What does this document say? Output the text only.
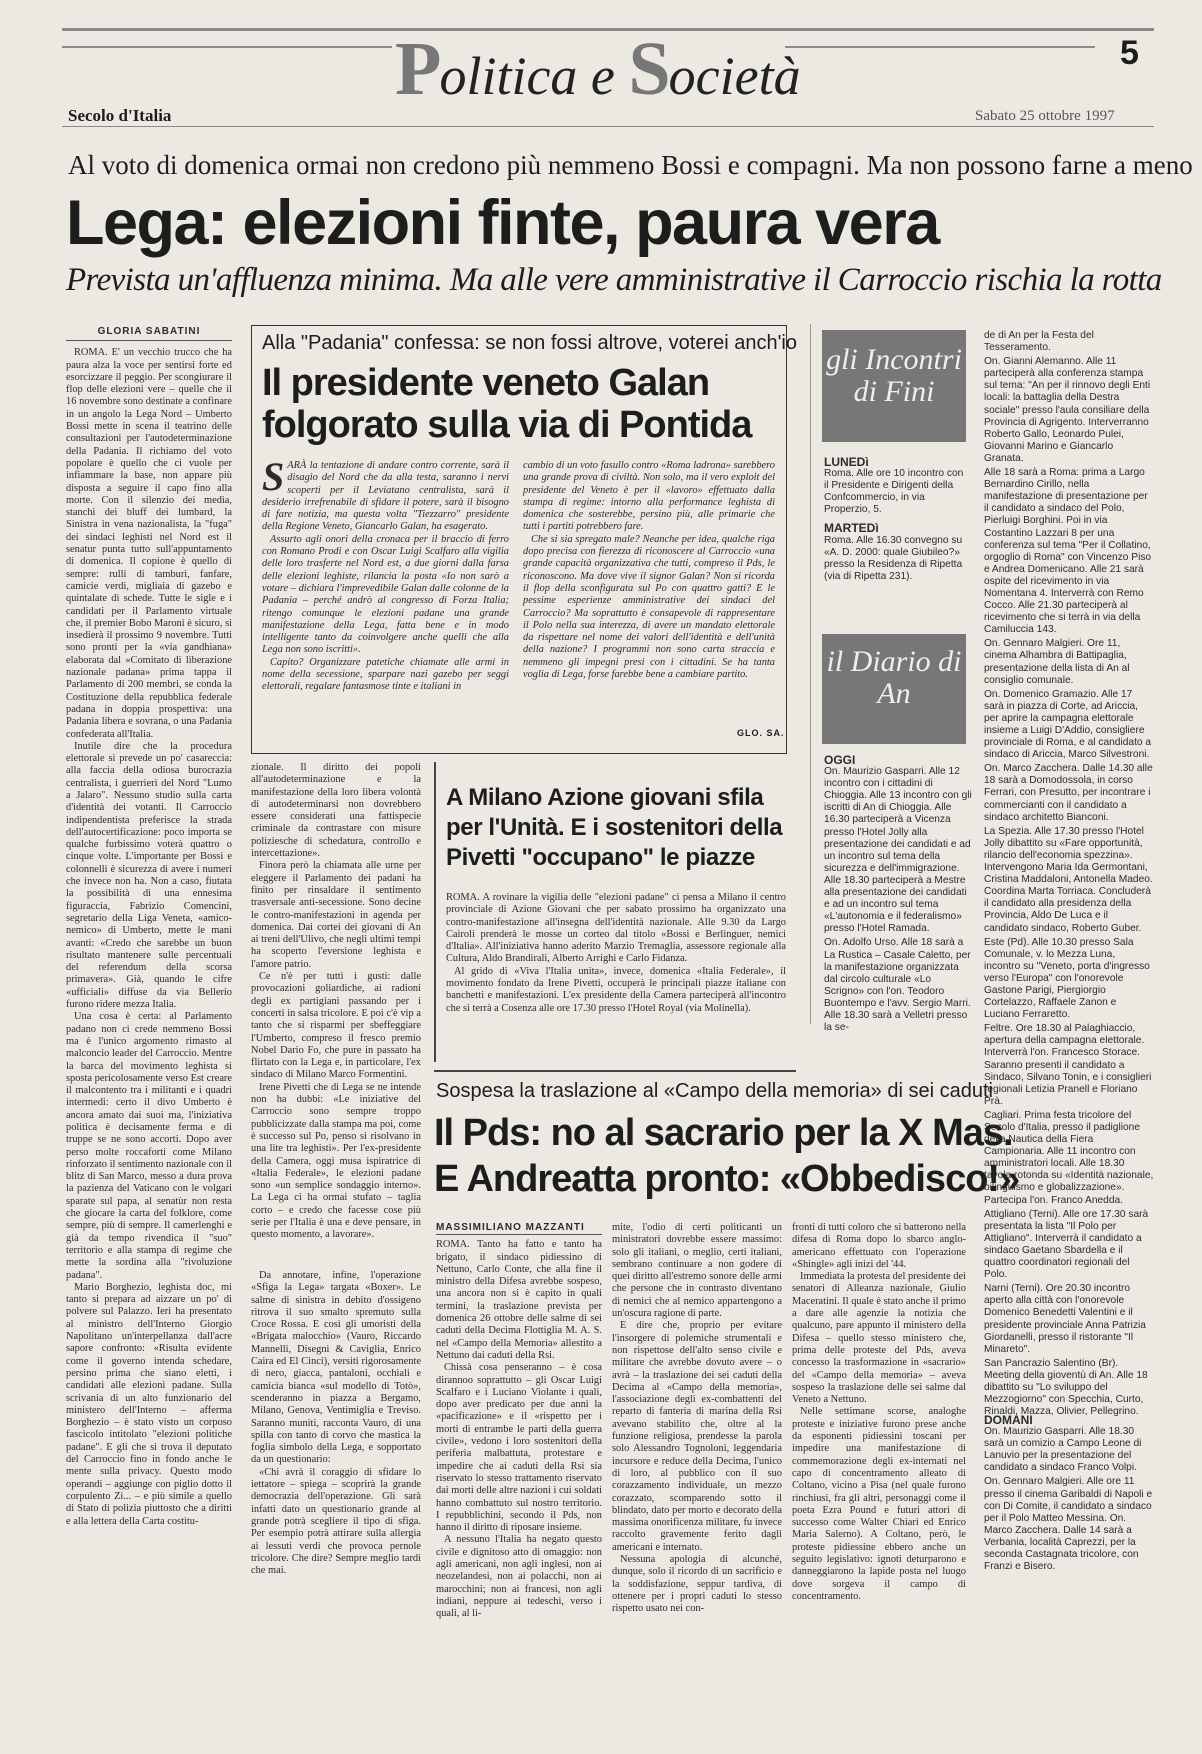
Politica e Società	5
Secolo d'Italia	Sabato 25 ottobre 1997
Al voto di domenica ormai non credono più nemmeno Bossi e compagni. Ma non possono farne a meno
Lega: elezioni finte, paura vera
Prevista un'affluenza minima. Ma alle vere amministrative il Carroccio rischia la rotta
GLORIA SABATINI

ROMA. E' un vecchio trucco che ha paura alza la voce per sentirsi forte ed esorcizzare il peggio. Per scongiurare il flop delle elezioni vere – quelle che il 16 novembre sono destinate a confinare in un angolo la Lega Nord – Umberto Bossi mette in scena il teatrino delle consultazioni per l'autodeterminazione della Padania. Il richiamo del voto popolare è quello che ci vuole per infiammare la base, non appare più disposta a seguire il capo fino alla morte. Con il silenzio dei media, stanchi dei bluff dei lumbard, la Sinistra in vena nazionalista, la "fuga" dei sindaci leghisti nel Nord est il senatur punta tutto sull'appuntamento di domenica. Il copione è quello di sempre: rulli di tamburi, fanfare, camicie verdi, migliaia di gazebo e quintalate di schede. Tutte le sigle e i candidati per il Parlamento virtuale che, il premier Bobo Maroni è sicuro, si insedierà il prossimo 9 novembre. Tutti sono pronti per la «via gandhiana» elaborata dal «Comitato di liberazione nazionale padana» prima tappa il Parlamento di 200 membri, se conda la Costituzione della repubblica federale padana in doppia prospettiva: una Padania libera e sovrana, o una Padania confederata all'Italia.

Inutile dire che la procedura elettorale si prevede un po' casareccia: alla faccia della odiosa burocrazia centralista, i guerrieri del Nord "Lumo a Jalaro". Nessuno studio sulla carta d'identità dei votanti. Il Carroccio indipendentista preferisce la strada dell'autocertificazione: poco importa se qualche furbissimo voterà quattro o cinque volte. L'importante per Bossi e colonnelli è sicurezza di avere i numeri che invece non ha. Non a caso, fiutata la possibilità di una ennesima figuraccia, Fabrizio Comencini, segretario della Liga Veneta, «amico-nemico» di Umberto, mette le mani avanti: «Credo che sarebbe un buon risultato mantenere sulle percentuali del referendum della scorsa primavera». Già, quando le cifre «ufficiali» diffuse da via Bellerio furono ridere mezza Italia.

Una cosa è certa: al Parlamento padano non ci crede nemmeno Bossi ma è l'unico argomento rimasto al malconcio leader del Carroccio. Mentre la barca del movimento leghista si sposta pericolosamente verso Est creare il malcontento tra i militanti e i quadri intermedi: certo il divo Umberto è ancora amato dai suoi ma, l'iniziativa politica è decisamente ferma e di truppe se ne sono accorti. Dopo aver perso molte roccaforti come Milano rinforzato il sentimento nazionale con il blitz di San Marco, messo a dura prova la pazienza del Vaticano con le volgari sparate sul papa, al senatùr non resta che giocare la carta del folklore, come sempre, più di sempre. Il camerlenghi e già da tempo rivendica il "suo" territorio e alla stampa di regime che mette la sordina alla "rivoluzione padana".

Mario Borghezio, leghista doc, mi tanto si prepara ad aizzare un po' di polvere sul Palazzo. Ieri ha presentato al ministro dell'Interno Giorgio Napolitano un'interpellanza dall'acre sapore confronto: «Risulta evidente come il governo intenda schedare, persino prima che siano eletti, i candidati alle elezioni padane. Sulla scrivania di un alto funzionario del ministero dell'Interno – afferma Borghezio – è stato visto un corposo fascicolo intitolato "elezioni politiche padane". E gli che si trova il deputato del Carroccio fino in fondo anche le mente sulla privacy. Questo modo operandi – aggiunge con piglio dotto il corpulento Zi... – e più simile a quello di Stato di polizia piuttosto che a diritti e alla lettera della Carta costitu-

Alla "Padania" confessa: se non fossi altrove, voterei anch'io
Il presidente veneto Galan
folgorato sulla via di Pontida
S ARÀ la tentazione di andare contro corrente, sarà il disagio del Nord che da alla testa, saranno i nervi scoperti per il Leviatano centralista, sarà il desiderio irrefrenabile di sfidare il potere, sarà il bisogno di fare notizia, ma questa volta "Tiezzarro" presidente della Regione Veneto, Giancarlo Galan, ha esagerato.

Assurto agli onori della cronaca per il braccio di ferro con Romano Prodi e con Oscar Luigi Scalfaro alla vigilia delle loro trasferte nel Nord est, a due giorni dalla farsa delle elezioni leghiste, rilancia la posta «Io non sarò a votare – dichiara l'imprevedibile Galan dalle colonne de la Padania – perché andrò al congresso di Forza Italia; ritengo comunque le elezioni padane una grande manifestazione della Lega, fatta bene e in modo intelligente tanto da coinvolgere anche quelli che alla Lega non sono iscritti».

Capito? Organizzare patetiche chiamate alle armi in nome della secessione, sparpare nazi gazebo per seggi elettorali, regalare fantasmose tinte e italiani in

cambio di un voto fasullo contro «Roma ladrona» sarebbero una grande prova di civiltà. Non solo, ma il vero exploit del presidente del Veneto è per il «lavoro» effettuato dalla stampa di regime: intorno alla performance leghista di domenica che sosterebbe, persino più, alle primarie che tutti i partiti potrebbero fare.

Che si sia spregato male? Neanche per idea, qualche riga dopo precisa con fierezza di riconoscere al Carroccio «una grande capacità organizzativa che tutti, compreso il Pds, le riconoscono. Ma dove vive il signor Galan? Non si ricorda il flop della sconfigurata sul Po con quattro gatti? E le pessime esperienze amministrative dei sindaci del Carroccio? Ma soprattutto è consapevole di rappresentare il Polo nella sua interezza, di avere un mandato elettorale da rispettare nel nome dei valori dell'identità e dell'unità della nazione? I programmi non sono carta straccia e nemmeno gli impegni presi con i cittadini. Se ha tanta voglia di Lega, forse farebbe bene a cambiare partito.

GLO. SA.

zionale. Il diritto dei popoli all'autodeterminazione e la manifestazione della loro libera volontà di autodeterminarsi non dovrebbero essere considerati una fattispecie criminale da contrastare con misure poliziesche di schedatura, controllo e intercettazione».

Finora però la chiamata alle urne per eleggere il Parlamento dei padani ha finito per rinsaldare il sentimento trasversale anti-secessione. Sono decine le contro-manifestazioni in agenda per domenica. Dai cortei dei giovani di An ai treni dell'Ulivo, che negli ultimi tempi ha scoperto l'eversione leghista e l'amore patrio.

Ce n'è per tutti i gusti: dalle provocazioni goliardiche, ai radioni degli ex partigiani passando per i concerti in salsa tricolore. E poi c'è vip a tanto che si risparmi per sbeffeggiare l'Umberto, compreso il fresco premio Nobel Dario Fo, che pure in passato ha flirtato con la Lega e, in particolare, l'ex sindaco di Milano Marco Formentini.

Irene Pivetti che di Lega se ne intende non ha dubbi: «Le iniziative del Carroccio sono sempre troppo pubblicizzate dalla stampa ma poi, come è successo sul Po, penso si risolvano in una lite tra leghisti». Per l'ex-presidente della Camera, oggi musa ispiratrice di «Italia Federale», le elezioni padane sono «un semplice sondaggio interno». La Lega ci ha ormai stufato – taglia corto – e credo che facesse cose più serie per l'Italia è una e deve pensare, in questo momento, a lavorare».

Da annotare, infine, l'operazione «Sfiga la Lega» targata «Boxer». Le salme di sinistra in debito d'ossigeno ritrova il suo smalto spremuto sulla Croce Rossa. E così gli umoristi della «Brigata malocchio» (Vauro, Riccardo Mannelli, Disegni & Caviglia, Enrico Caira ed El Cinci), versiti rigorosamente di nero, giacca, pantaloni, occhiali e camicia bianca «sul modello di Totò», scenderanno in piazza a Bergamo, Milano, Genova, Ventimiglia e Treviso. Saranno muniti, racconta Vauro, di una spilla con tanto di corvo che mastica la foglia simbolo della Lega, e sopportato da un questionario:

«Chi avrà il coraggio di sfidare lo iettatore – spiega – scoprirà la grande democrazia dell'operazione. Gli sarà infatti dato un questionario grande al grande potrà scegliere il tipo di sfiga. Per esempio potrà attirare sulla allergia ai lessuti verdi che provoca pernole tricolore. Che dire? Sempre meglio tardi che mai.

A Milano Azione giovani sfila per l'Unità. E i sostenitori della Pivetti "occupano" le piazze

ROMA. A rovinare la vigilia delle "elezioni padane" ci pensa a Milano il centro provinciale di Azione Giovani che per sabato prossimo ha organizzato una contro-manifestazione all'insegna dell'identità nazionale. Alle 9.30 da Largo Cairoli prenderà le mosse un corteo dal titolo «Bossi e Berlinguer, nemici d'Italia». All'iniziativa hanno aderito Marzio Tremaglia, assessore regionale alla Cultura, Aldo Brandirali, Alberto Arrighi e Carlo Fidanza.

Al grido di «Viva l'Italia unita», invece, domenica «Italia Federale», il movimento fondato da Irene Pivetti, occuperà le principali piazze italiane con banchetti e manifestazioni. L'ex presidente della Camera parteciperà all'incontro che si terrà a Cosenza alle ore 17.30 presso l'Hotel Royal (via Molinella).

Sospesa la traslazione al «Campo della memoria» di sei caduti
Il Pds: no al sacrario per la X Mas.
E Andreatta pronto: «Obbedisco!»
MASSIMILIANO MAZZANTI

ROMA. Tanto ha fatto e tanto ha brigato, il sindaco pidiessino di Nettuno, Carlo Conte, che alla fine il ministro della Difesa avrebbe sospeso, una ancora non si è capito in quali termini, la traslazione prevista per domenica 26 ottobre delle salme di sei caduti della Decima Flottiglia M. A. S. nel «Campo della Memoria» allestito a Nettuno dai caduti della Rsi.

Chissà cosa penseranno – è cosa dirannoo soprattutto – gli Oscar Luigi Scalfaro e i Luciano Violante i quali, dopo aver predicato per due anni la «pacificazione» e il «rispetto per i morti di entrambe le parti della guerra civile», vedono i loro sostenitori della periferia malbattuta, protestare e impedire che ai caduti della Rsi sia riservato lo stesso trattamento riservato dai morti delle altre nazioni i cui soldati hanno combattuto sul nostro territorio. I repubblichini, secondo il Pds, non hanno il diritto di riposare insieme.

A nessuno l'Italia ha negato questo civile e dignitoso atto di omaggio: non agli americani, non agli inglesi, non ai neozelandesi, non ai polacchi, non ai marocchini; non ai francesi, non agli indiani, neppure ai tedeschi, verso i quali, al li-

mite, l'odio di certi politicanti un ministratori dovrebbe essere massimo: solo gli italiani, o meglio, certi italiani, sembrano continuare a non godere di quei diritto all'estremo sonore delle armi che persone che in contrasto diventano di nemici che al nemico appartengono a un'oscura ragione di parte.

E dire che, proprio per evitare l'insorgere di polemiche strumentali e non rispettose dell'alto senso civile e militare che avrebbe dovuto avere – o avrà – la traslazione dei sei caduti della Decima al «Campo della memoria», l'associazione degli ex-combattenti del reparto di fanteria di marina della Rsi avevano stabilito che, oltre al la funzione religiosa, prendesse la parola solo Alessandro Tognoloni, leggendaria incursore e reduce della Decima, l'unico di loro, al pubblico con il suo corazzamento individuale, un mezzo corazzato, scomparendo sotto il blindato, dato per morto e decorato della massima onorificenza militare, fu invece raccolto gravemente ferito dagli americani e internato.

Nessuna apologia di alcunché, dunque, solo il ricordo di un sacrificio e la soddisfazione, seppur tardiva, di ottenere per i propri caduti lo stesso rispetto usato nei con-

fronti di tutti coloro che si batterono nella difesa di Roma dopo lo sbarco anglo-americano effettuato con l'operazione «Shingle» agli inizi del '44.

Immediata la protesta del presidente dei senatori di Alleanza nazionale, Giulio Maceratini. Il quale è stato anche il primo a dare alle agenzie la notizia che qualcuno, pare appunto il ministero della Difesa – quello stesso ministero che, prima delle proteste del Pds, aveva concesso la trasformazione in «sacrario» del «Campo della memoria» – aveva sospeso la traslazione delle sei salme dal Veneto a Nettuno.

Nelle settimane scorse, analoghe proteste e iniziative furono prese anche da esponenti pidiessini toscani per impedire una manifestazione di commemorazione degli ex-internati nel capo di concentramento alleato di Coltano, vicino a Pisa (nel quale furono rinchiusi, fra gli altri, personaggi come il poeta Ezra Pound e futuri attori di successo come Walter Chiari ed Enrico Maria Salerno). A Coltano, però, le proteste pidiessine ebbero anche un seguito legislativo: ignoti deturparono e danneggiarono la lapide posta nel luogo dove sorgeva il campo di concentramento.

gli Incontri di Fini
LUNEDì

Roma. Alle ore 10 incontro con il Presidente e Dirigenti della Confcommercio, in via Properzio, 5.

MARTEDì

Roma. Alle 16.30 convegno su «A. D. 2000: quale Giubileo?» presso la Residenza di Ripetta (via di Ripetta 231).

il Diario di An
OGGI

On. Maurizio Gasparri. Alle 12 incontro con i cittadini di Chioggia. Alle 13 incontro con gli iscritti di An di Chioggia. Alle 16.30 parteciperà a Vicenza presso l'Hotel Jolly alla presentazione dei candidati e ad un incontro sul tema della sicurezza e dell'immigrazione. Alle 18.30 parteciperà a Mestre alla presentazione dei candidati e ad un incontro sul tema «L'autonomia e il federalismo» presso l'Hotel Ramada.

On. Adolfo Urso. Alle 18 sarà a La Rustica – Casale Caletto, per la manifestazione organizzata dal circolo culturale «Lo Scrigno» con l'on. Teodoro Buontempo e l'avv. Sergio Marri. Alle 18.30 sarà a Velletri presso la se-

de di An per la Festa del Tesseramento.

On. Gianni Alemanno. Alle 11 parteciperà alla conferenza stampa sul tema: "An per il rinnovo degli Enti locali: la battaglia della Destra sociale" presso l'aula consiliare della Provincia di Agrigento. Interverranno Roberto Gallo, Leonardo Pulei, Giovanni Marino e Giancarlo Granata.

Alle 18 sarà a Roma: prima a Largo Bernardino Cirillo, nella manifestazione di presentazione per il candidato a sindaco del Polo, Pierluigi Borghini. Poi in via Costantino Lazzari 8 per una conferenza sul tema "Per il Collatino, orgoglio di Roma" con Vincenzo Piso e Andrea Domenicano. Alle 21 sarà ospite del ricevimento in via Nomentana 4. Interverrà con Remo Cocco. Alle 21.30 parteciperà al ricevimento che si terrà in via della Camiluccia 143.

On. Gennaro Malgieri. Ore 11, cinema Alhambra di Battipaglia, presentazione della lista di An al consiglio comunale.

On. Domenico Gramazio. Alle 17 sarà in piazza di Corte, ad Ariccia, per aprire la campagna elettorale insieme a Luigi D'Addio, consigliere provinciale di Roma, e al candidato a sindaco di Ariccia, Marco Silvestroni.

On. Marco Zacchera. Dalle 14.30 alle 18 sarà a Domodossola, in corso Ferrari, con Presutto, per incontrare i commercianti con il candidato a sindaco architetto Bianconi.

La Spezia. Alle 17.30 presso l'Hotel Jolly dibattito su «Fare opportunità, rilancio dell'economia spezzina». Intervengono Maria Ida Germontani, Cristina Maddaloni, Antonella Madeo. Coordina Marta Torriaca. Concluderà il candidato alla presidenza della Provincia, Aldo De Luca e il candidato sindaco, Roberto Guber.

Este (Pd). Alle 10.30 presso Sala Comunale, v. lo Mezza Luna, incontro su "Veneto, porta d'ingresso verso l'Europa" con l'onorevole Gastone Parigi, Piergiorgio Cortelazzo, Raffaele Zanon e Luciano Ferraretto.

Feltre. Ore 18.30 al Palaghiaccio, apertura della campagna elettorale. Interverrà l'on. Francesco Storace. Saranno presenti il candidato a Sindaco, Silvano Tonin, e i consiglieri regionali Letizia Pranell e Floriano Prà.

Cagliari. Prima festa tricolore del Secolo d'Italia, presso il padiglione della Nautica della Fiera Campionaria. Alle 11 incontro con amministratori locali. Alle 18.30 tavola rotonda su «Identità nazionale, bilinguismo e globalizzazione». Partecipa l'on. Franco Anedda.

Attigliano (Terni). Alle ore 17.30 sarà presentata la lista "Il Polo per Attigliano". Interverrà il candidato a sindaco Gaetano Sbardella e il quattro coordinatori regionali del Polo.

Narni (Terni). Ore 20.30 incontro aperto alla città con l'onorevole Domenico Benedetti Valentini e il presidente provinciale Anna Patrizia Giordanelli, presso il ristorante "Il Minareto".

San Pancrazio Salentino (Br). Meeting della gioventù di An. Alle 18 dibattito su "Lo sviluppo del Mezzogiorno" con Specchia, Curto, Rinaldi, Mazza, Olivier, Pellegrino.

DOMANI

On. Maurizio Gasparri. Alle 18.30 sarà un comizio a Campo Leone di Lanuvio per la presentazione del candidato a sindaco Franco Volpi.

On. Gennaro Malgieri. Alle ore 11 presso il cinema Garibaldi di Napoli e con Di Comite, il candidato a sindaco per il Polo Matteo Messina. On. Marco Zacchera. Dalle 14 sarà a Verbania, località Caprezzi, per la seconda Castagnata tricolore, con Franzi e Bisero.
